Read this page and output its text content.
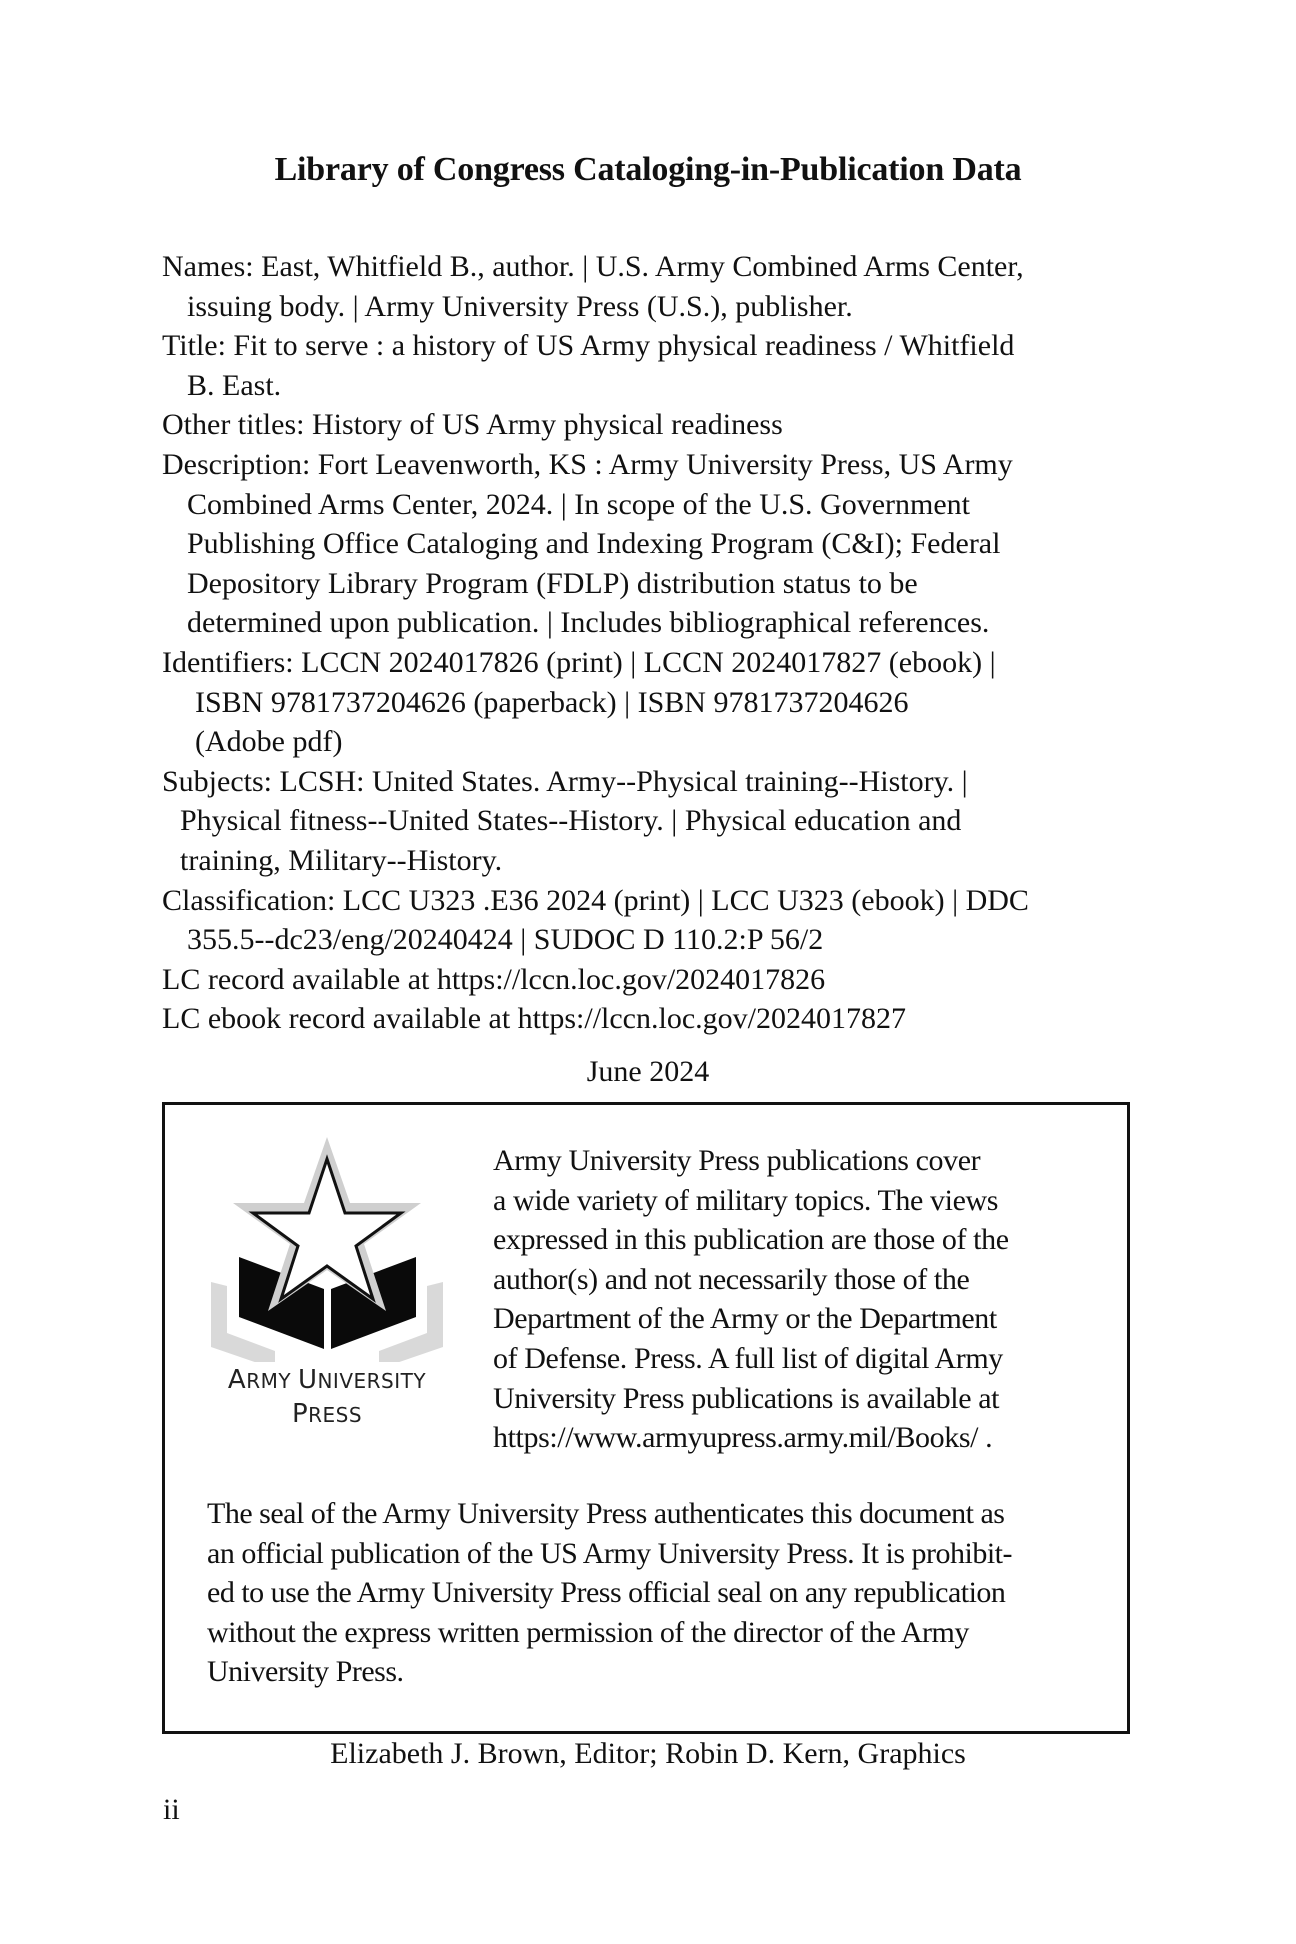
Library of Congress Cataloging-in-Publication Data
Names: East, Whitfield B., author. | U.S. Army Combined Arms Center,
issuing body. | Army University Press (U.S.), publisher.
Title: Fit to serve : a history of US Army physical readiness / Whitfield
B. East.
Other titles: History of US Army physical readiness
Description: Fort Leavenworth, KS : Army University Press, US Army
Combined Arms Center, 2024. | In scope of the U.S. Government
Publishing Office Cataloging and Indexing Program (C&I); Federal
Depository Library Program (FDLP) distribution status to be
determined upon publication. | Includes bibliographical references.
Identifiers: LCCN 2024017826 (print) | LCCN 2024017827 (ebook) |
ISBN 9781737204626 (paperback) | ISBN 9781737204626
(Adobe pdf)
Subjects: LCSH: United States. Army--Physical training--History. |
Physical fitness--United States--History. | Physical education and
training, Military--History.
Classification: LCC U323 .E36 2024 (print) | LCC U323 (ebook) | DDC
355.5--dc23/eng/20240424 | SUDOC D 110.2:P 56/2
LC record available at https://lccn.loc.gov/2024017826
LC ebook record available at https://lccn.loc.gov/2024017827
June 2024
ARMY UNIVERSITY
PRESS
Army University Press publications cover
a wide variety of military topics. The views
expressed in this publication are those of the
author(s) and not necessarily those of the
Department of the Army or the Department
of Defense. Press. A full list of digital Army
University Press publications is available at
https://www.armyupress.army.mil/Books/ .
The seal of the Army University Press authenticates this document as
an official publication of the US Army University Press. It is prohibit-
ed to use the Army University Press official seal on any republication
without the express written permission of the director of the Army
University Press.
Elizabeth J. Brown, Editor; Robin D. Kern, Graphics
ii
